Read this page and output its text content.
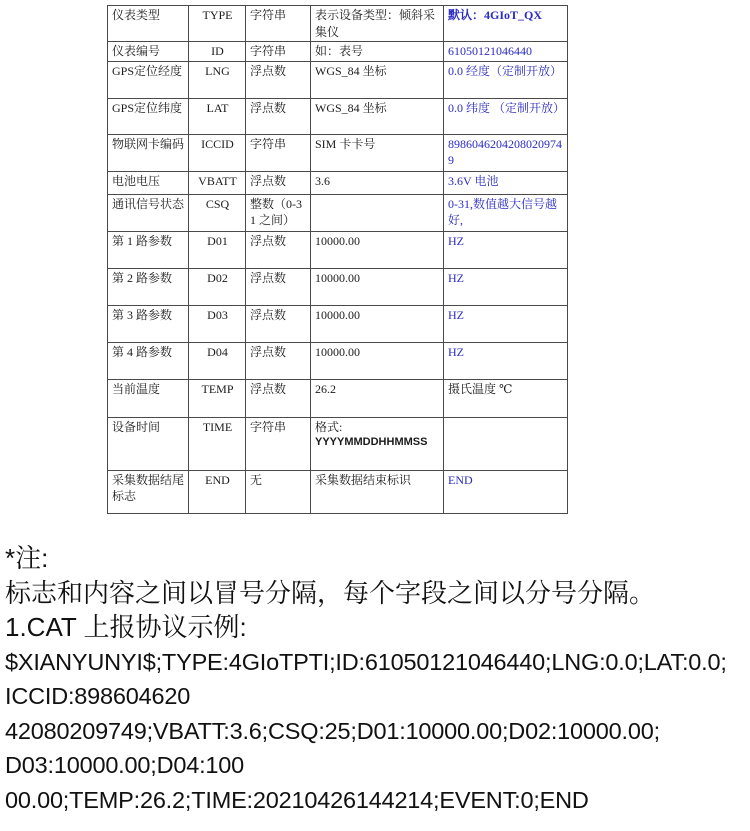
仪表类型	TYPE	字符串	表示设备类型：倾斜采集仪	默认：4GIoT_QX
仪表编号	ID	字符串	如：表号	61050121046440
GPS定位经度	LNG	浮点数	WGS_84 坐标	0.0 经度（定制开放）
GPS定位纬度	LAT	浮点数	WGS_84 坐标	0.0 纬度 （定制开放）
物联网卡编码	ICCID	字符串	SIM 卡卡号	89860462042080209749
电池电压	VBATT	浮点数	3.6	3.6V 电池
通讯信号状态	CSQ	整数（0-31 之间）		0-31,数值越大信号越好,
第 1 路参数	D01	浮点数	10000.00	HZ
第 2 路参数	D02	浮点数	10000.00	HZ
第 3 路参数	D03	浮点数	10000.00	HZ
第 4 路参数	D04	浮点数	10000.00	HZ
当前温度	TEMP	浮点数	26.2	摄氏温度 ℃
设备时间	TIME	字符串	格式:
YYYYMMDDHHMMSS	

采集数据结尾标志	END	无	采集数据结束标识	END
*注:
标志和内容之间以冒号分隔，每个字段之间以分号分隔。
1.CAT 上报协议示例:
$XIANYUNYI$;TYPE:4GIoTPTI;ID:61050121046440;LNG:0.0;LAT:0.0;
ICCID:898604620
42080209749;VBATT:3.6;CSQ:25;D01:10000.00;D02:10000.00;
D03:10000.00;D04:100
00.00;TEMP:26.2;TIME:20210426144214;EVENT:0;END
